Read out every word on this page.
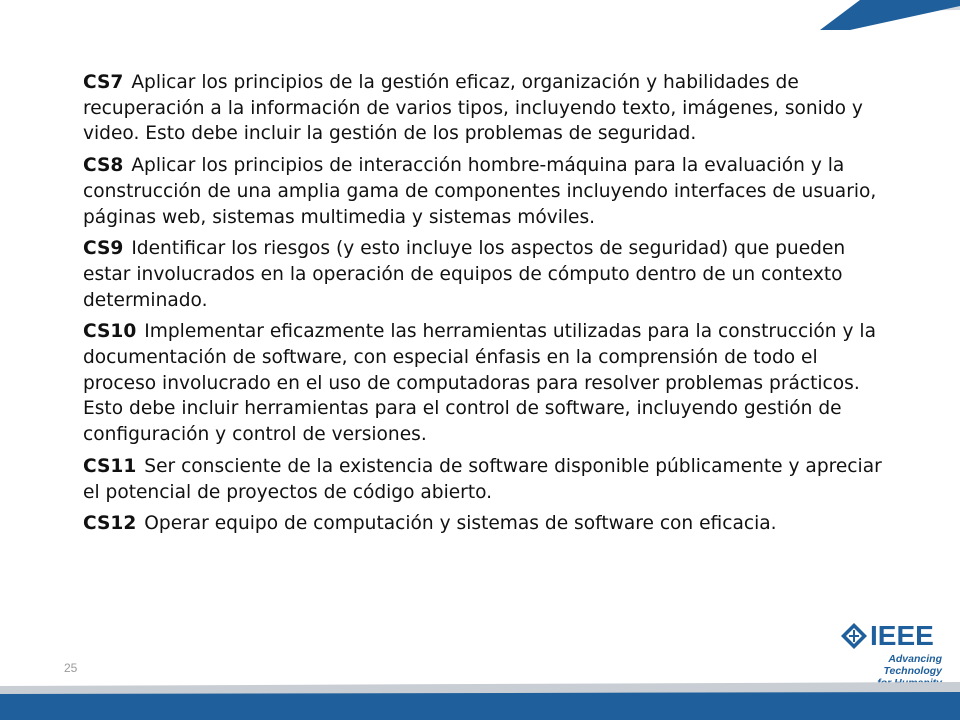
CS7 Aplicar los principios de la gestión eficaz, organización y habilidades de recuperación a la información de varios tipos, incluyendo texto, imágenes, sonido y video. Esto debe incluir la gestión de los problemas de seguridad.

CS8 Aplicar los principios de interacción hombre-máquina para la evaluación y la construcción de una amplia gama de componentes incluyendo interfaces de usuario, páginas web, sistemas multimedia y sistemas móviles.

CS9 Identificar los riesgos (y esto incluye los aspectos de seguridad) que pueden estar involucrados en la operación de equipos de cómputo dentro de un contexto determinado.

CS10 Implementar eficazmente las herramientas utilizadas para la construcción y la documentación de software, con especial énfasis en la comprensión de todo el proceso involucrado en el uso de computadoras para resolver problemas prácticos. Esto debe incluir herramientas para el control de software, incluyendo gestión de configuración y control de versiones.

CS11 Ser consciente de la existencia de software disponible públicamente y apreciar el potencial de proyectos de código abierto.

CS12 Operar equipo de computación y sistemas de software con eficacia.

25
IEEE
Advancing Technology
